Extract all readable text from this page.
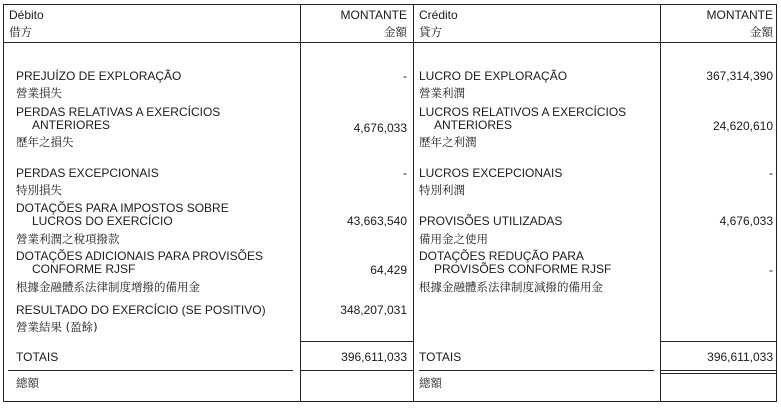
Débito
借方
MONTANTE
金額
Crédito
貸方
MONTANTE
金額
PREJUÍZO DE EXPLORAÇÃO
營業損失
-
PERDAS RELATIVAS A EXERCÍCIOS
ANTERIORES
歷年之損失
4,676,033
PERDAS EXCEPCIONAIS
特別損失
-
DOTAÇÕES PARA IMPOSTOS SOBRE
LUCROS DO EXERCÍCIO
營業利潤之稅項撥款
43,663,540
DOTAÇÕES ADICIONAIS PARA PROVISÕES
CONFORME RJSF
根據金融體系法律制度增撥的備用金
64,429
RESULTADO DO EXERCÍCIO (SE POSITIVO)
營業結果 (盈餘)
348,207,031
LUCRO DE EXPLORAÇÃO
營業利潤
367,314,390
LUCROS RELATIVOS A EXERCÍCIOS
ANTERIORES
歷年之利潤
24,620,610
LUCROS EXCEPCIONAIS
特別利潤
-
PROVISÕES UTILIZADAS
備用金之使用
4,676,033
DOTAÇÕES REDUÇÃO PARA
PROVISÕES CONFORME RJSF
根據金融體系法律制度減撥的備用金
-
TOTAIS
總額
396,611,033 TOTAIS
總額
396,611,033
